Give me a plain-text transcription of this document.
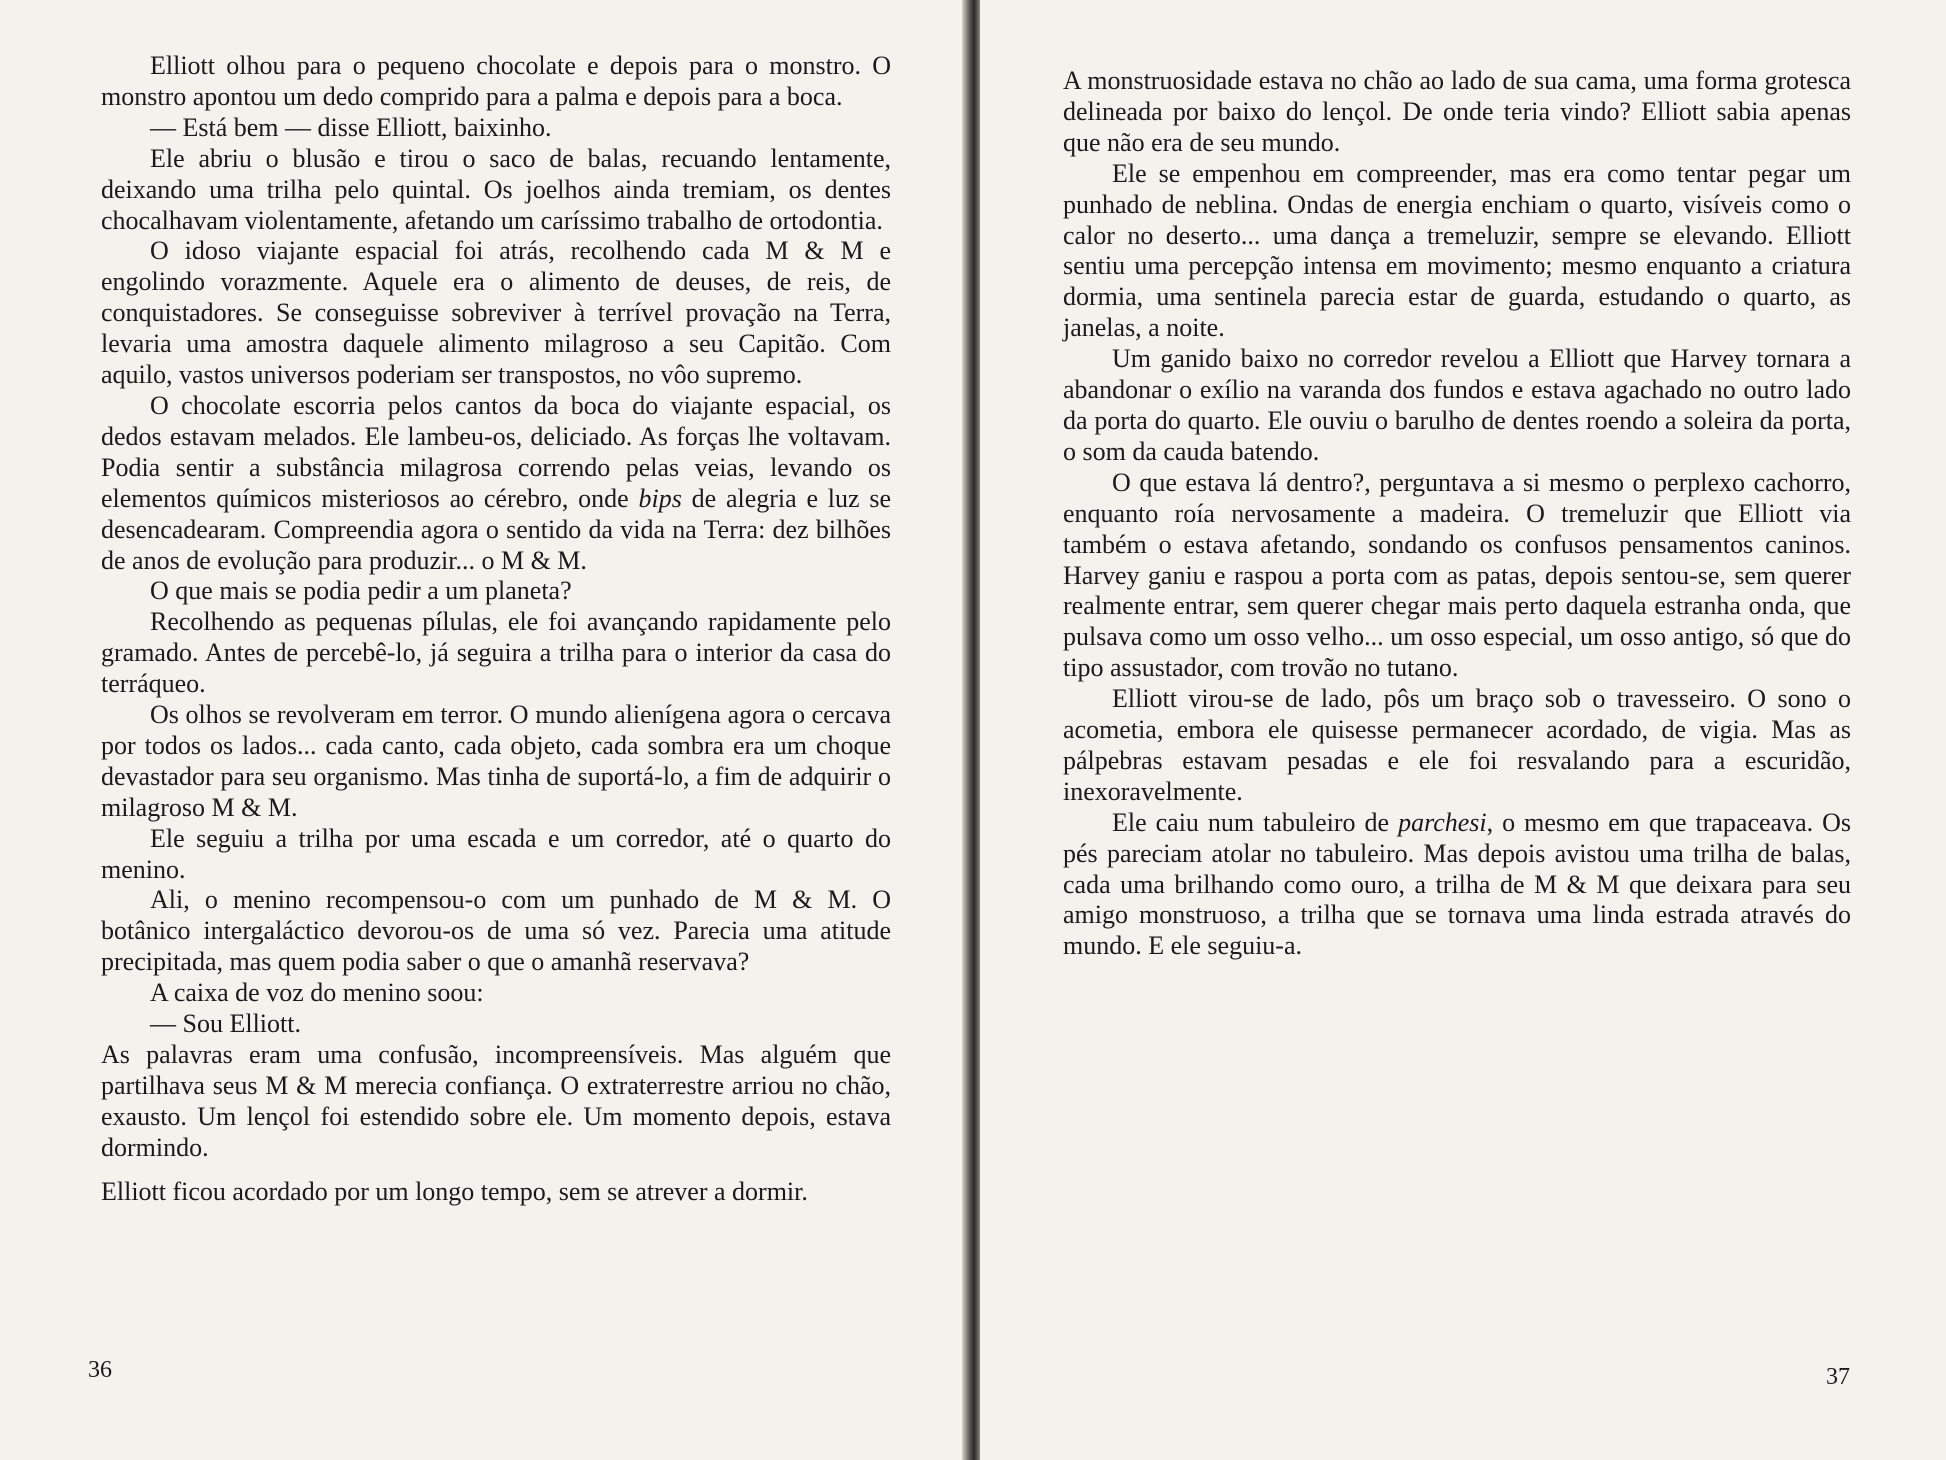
Elliott olhou para o pequeno chocolate e depois para o monstro. O monstro apontou um dedo comprido para a palma e depois para a boca.

— Está bem — disse Elliott, baixinho.

Ele abriu o blusão e tirou o saco de balas, recuando lentamente, deixando uma trilha pelo quintal. Os joelhos ainda tremiam, os dentes chocalhavam violentamente, afetando um caríssimo trabalho de ortodontia.

O idoso viajante espacial foi atrás, recolhendo cada M & M e engolindo vorazmente. Aquele era o alimento de deuses, de reis, de conquistadores. Se conseguisse sobreviver à terrível provação na Terra, levaria uma amostra daquele alimento milagroso a seu Capitão. Com aquilo, vastos universos poderiam ser transpostos, no vôo supremo.

O chocolate escorria pelos cantos da boca do viajante espacial, os dedos estavam melados. Ele lambeu-os, deliciado. As forças lhe voltavam. Podia sentir a substância milagrosa correndo pelas veias, levando os elementos químicos misteriosos ao cérebro, onde bips de alegria e luz se desencadearam. Compreendia agora o sentido da vida na Terra: dez bilhões de anos de evolução para produzir... o M & M.

O que mais se podia pedir a um planeta?

Recolhendo as pequenas pílulas, ele foi avançando rapidamente pelo gramado. Antes de percebê-lo, já seguira a trilha para o interior da casa do terráqueo.

Os olhos se revolveram em terror. O mundo alienígena agora o cercava por todos os lados... cada canto, cada objeto, cada sombra era um choque devastador para seu organismo. Mas tinha de suportá-lo, a fim de adquirir o milagroso M & M.

Ele seguiu a trilha por uma escada e um corredor, até o quarto do menino.

Ali, o menino recompensou-o com um punhado de M & M. O botânico intergaláctico devorou-os de uma só vez. Parecia uma atitude precipitada, mas quem podia saber o que o amanhã reservava?

A caixa de voz do menino soou:

— Sou Elliott.

As palavras eram uma confusão, incompreensíveis. Mas alguém que partilhava seus M & M merecia confiança. O extraterrestre arriou no chão, exausto. Um lençol foi estendido sobre ele. Um momento depois, estava dormindo.

Elliott ficou acordado por um longo tempo, sem se atrever a dormir.

36

A monstruosidade estava no chão ao lado de sua cama, uma forma grotesca delineada por baixo do lençol. De onde teria vindo? Elliott sabia apenas que não era de seu mundo.

Ele se empenhou em compreender, mas era como tentar pegar um punhado de neblina. Ondas de energia enchiam o quarto, visíveis como o calor no deserto... uma dança a tremeluzir, sempre se elevando. Elliott sentiu uma percepção intensa em movimento; mesmo enquanto a criatura dormia, uma sentinela parecia estar de guarda, estudando o quarto, as janelas, a noite.

Um ganido baixo no corredor revelou a Elliott que Harvey tornara a abandonar o exílio na varanda dos fundos e estava agachado no outro lado da porta do quarto. Ele ouviu o barulho de dentes roendo a soleira da porta, o som da cauda batendo.

O que estava lá dentro?, perguntava a si mesmo o perplexo cachorro, enquanto roía nervosamente a madeira. O tremeluzir que Elliott via também o estava afetando, sondando os confusos pensamentos caninos. Harvey ganiu e raspou a porta com as patas, depois sentou-se, sem querer realmente entrar, sem querer chegar mais perto daquela estranha onda, que pulsava como um osso velho... um osso especial, um osso antigo, só que do tipo assustador, com trovão no tutano.

Elliott virou-se de lado, pôs um braço sob o travesseiro. O sono o acometia, embora ele quisesse permanecer acordado, de vigia. Mas as pálpebras estavam pesadas e ele foi resvalando para a escuridão, inexoravelmente.

Ele caiu num tabuleiro de parchesi, o mesmo em que trapaceava. Os pés pareciam atolar no tabuleiro. Mas depois avistou uma trilha de balas, cada uma brilhando como ouro, a trilha de M & M que deixara para seu amigo monstruoso, a trilha que se tornava uma linda estrada através do mundo. E ele seguiu-a.

37
